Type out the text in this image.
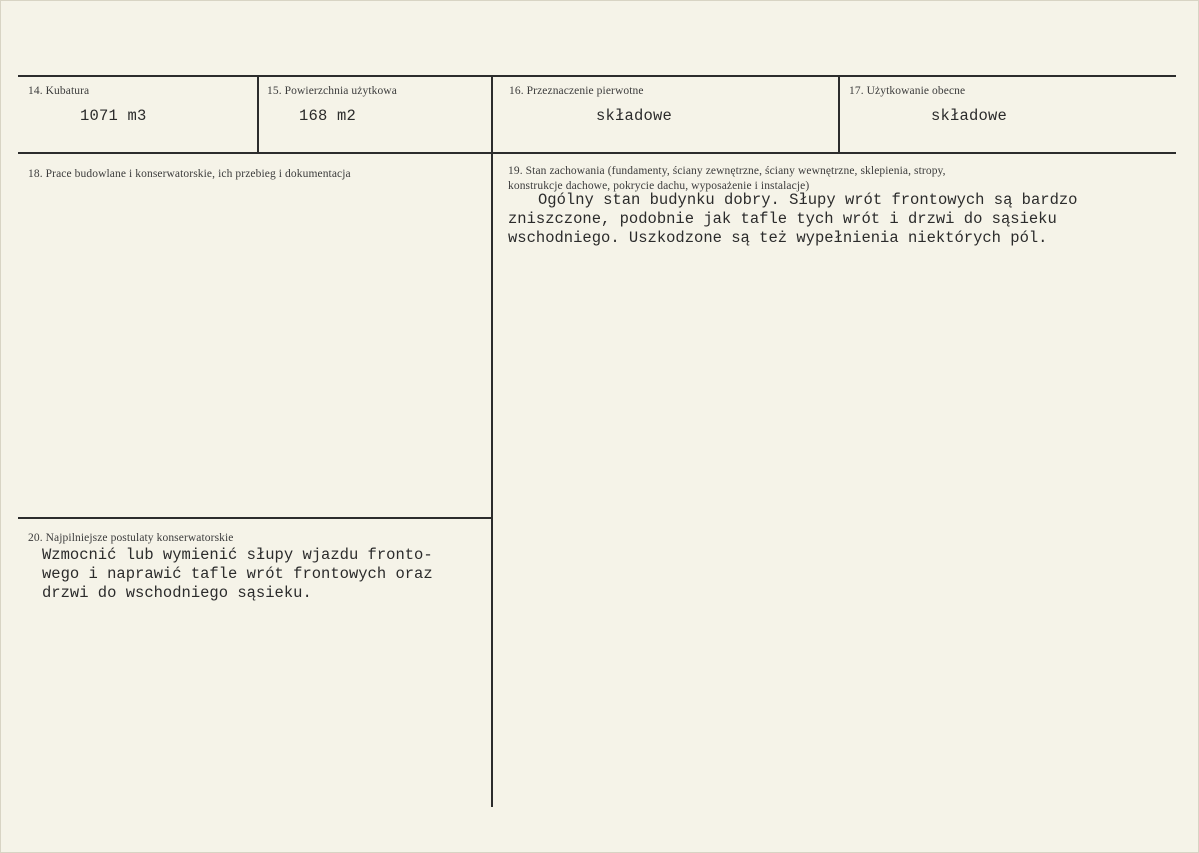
14. Kubatura
1071 m3
15. Powierzchnia użytkowa
168 m2
16. Przeznaczenie pierwotne
składowe
17. Użytkowanie obecne
składowe
18. Prace budowlane i konserwatorskie, ich przebieg i dokumentacja	19. Stan zachowania (fundamenty, ściany zewnętrzne, ściany wewnętrzne, sklepienia, stropy,
konstrukcje dachowe, pokrycie dachu, wyposażenie i instalacje)
Ogólny stan budynku dobry. Słupy wrót frontowych są bardzo
zniszczone, podobnie jak tafle tych wrót i drzwi do sąsieku
wschodniego. Uszkodzone są też wypełnienia niektórych pól.
20. Najpilniejsze postulaty konserwatorskie
Wzmocnić lub wymienić słupy wjazdu fronto-
wego i naprawić tafle wrót frontowych oraz
drzwi do wschodniego sąsieku.
